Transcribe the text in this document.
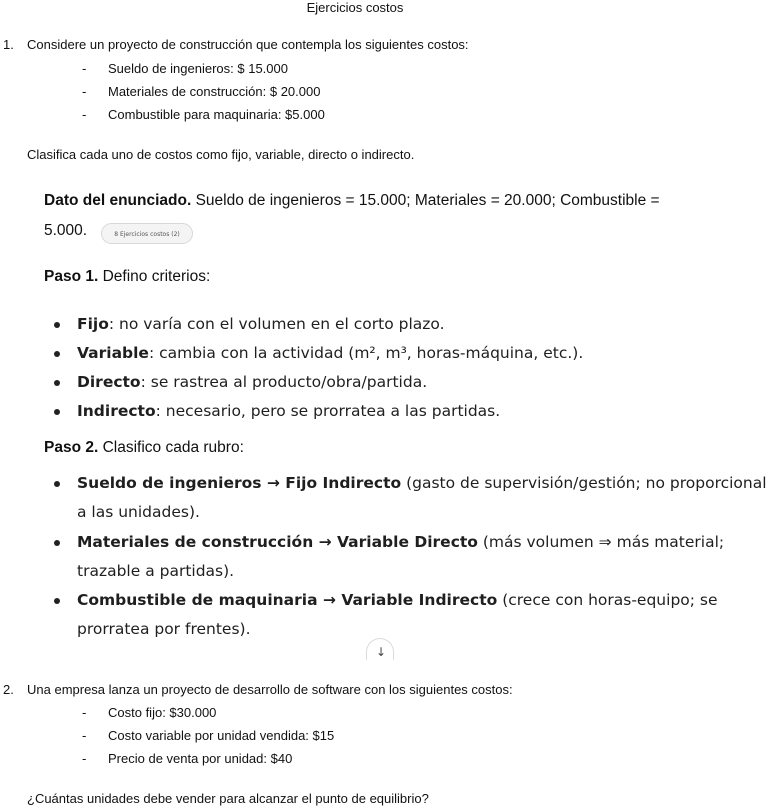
Ejercicios costos
1. Considere un proyecto de construcción que contempla los siguientes costos:
- Sueldo de ingenieros: $ 15.000
- Materiales de construcción: $ 20.000
- Combustible para maquinaria: $5.000
Clasifica cada uno de costos como fijo, variable, directo o indirecto.
Dato del enunciado. Sueldo de ingenieros = 15.000; Materiales = 20.000; Combustible =
5.000.	8 Ejercicios costos (2)
Paso 1. Defino criterios:
Fijo: no varía con el volumen en el corto plazo.
Variable: cambia con la actividad (m², m³, horas-máquina, etc.).
Directo: se rastrea al producto/obra/partida.
Indirecto: necesario, pero se prorratea a las partidas.
Paso 2. Clasifico cada rubro:
Sueldo de ingenieros → Fijo Indirecto (gasto de supervisión/gestión; no proporcional
a las unidades).
Materiales de construcción → Variable Directo (más volumen ⇒ más material;
trazable a partidas).
Combustible de maquinaria → Variable Indirecto (crece con horas-equipo; se
prorratea por frentes).
↓
2. Una empresa lanza un proyecto de desarrollo de software con los siguientes costos:
- Costo fijo: $30.000
- Costo variable por unidad vendida: $15
- Precio de venta por unidad: $40
¿Cuántas unidades debe vender para alcanzar el punto de equilibrio?
